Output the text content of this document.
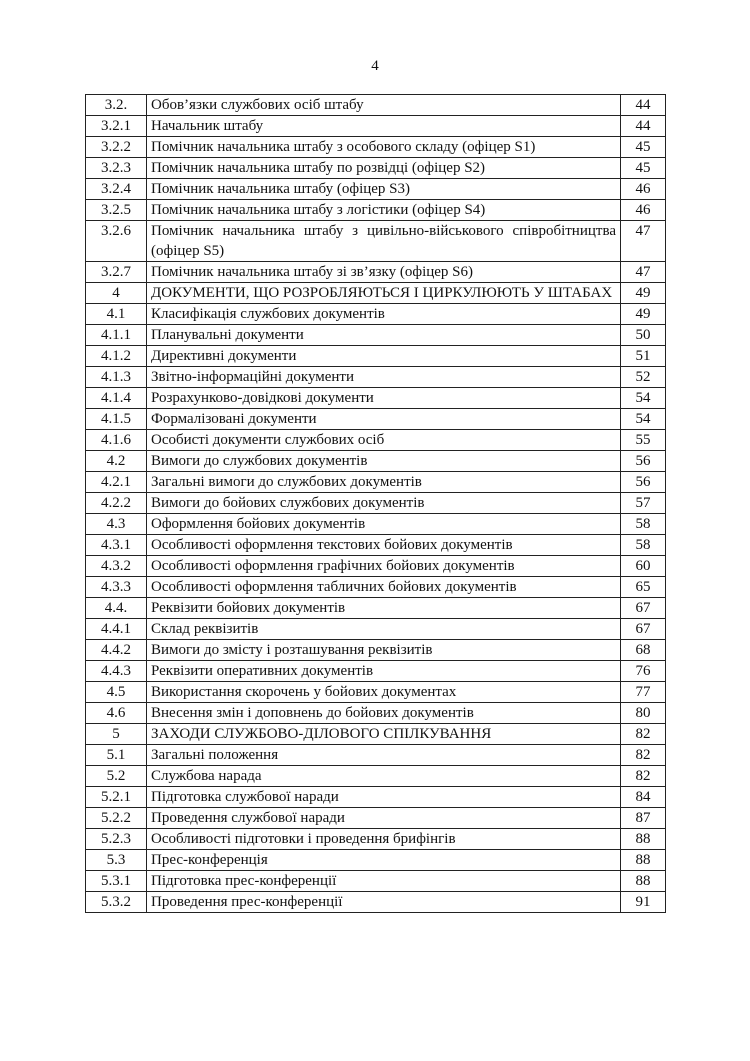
4
3.2.	Обов’язки службових осіб штабу	44
3.2.1	Начальник штабу	44
3.2.2	Помічник начальника штабу з особового складу (офіцер S1)	45
3.2.3	Помічник начальника штабу по розвідці (офіцер S2)	45
3.2.4	Помічник начальника штабу (офіцер S3)	46
3.2.5	Помічник начальника штабу з логістики (офіцер S4)	46
3.2.6	Помічник начальника штабу з цивільно-військового співробітництва (офіцер S5)	47
3.2.7	Помічник начальника штабу зі зв’язку (офіцер S6)	47
4	ДОКУМЕНТИ, ЩО РОЗРОБЛЯЮТЬСЯ І ЦИРКУЛЮЮТЬ У ШТАБАХ	49
4.1	Класифікація службових документів	49
4.1.1	Планувальні документи	50
4.1.2	Директивні документи	51
4.1.3	Звітно-інформаційні документи	52
4.1.4	Розрахунково-довідкові документи	54
4.1.5	Формалізовані документи	54
4.1.6	Особисті документи службових осіб	55
4.2	Вимоги до службових документів	56
4.2.1	Загальні вимоги до службових документів	56
4.2.2	Вимоги до бойових службових документів	57
4.3	Оформлення бойових документів	58
4.3.1	Особливості оформлення текстових бойових документів	58
4.3.2	Особливості оформлення графічних бойових документів	60
4.3.3	Особливості оформлення табличних бойових документів	65
4.4.	Реквізити бойових документів	67
4.4.1	Склад реквізитів	67
4.4.2	Вимоги до змісту і розташування реквізитів	68
4.4.3	Реквізити оперативних документів	76
4.5	Використання скорочень у бойових документах	77
4.6	Внесення змін і доповнень до бойових документів	80
5	ЗАХОДИ СЛУЖБОВО-ДІЛОВОГО СПІЛКУВАННЯ	82
5.1	Загальні положення	82
5.2	Службова нарада	82
5.2.1	Підготовка службової наради	84
5.2.2	Проведення службової наради	87
5.2.3	Особливості підготовки і проведення брифінгів	88
5.3	Прес-конференція	88
5.3.1	Підготовка прес-конференції	88
5.3.2	Проведення прес-конференції	91
